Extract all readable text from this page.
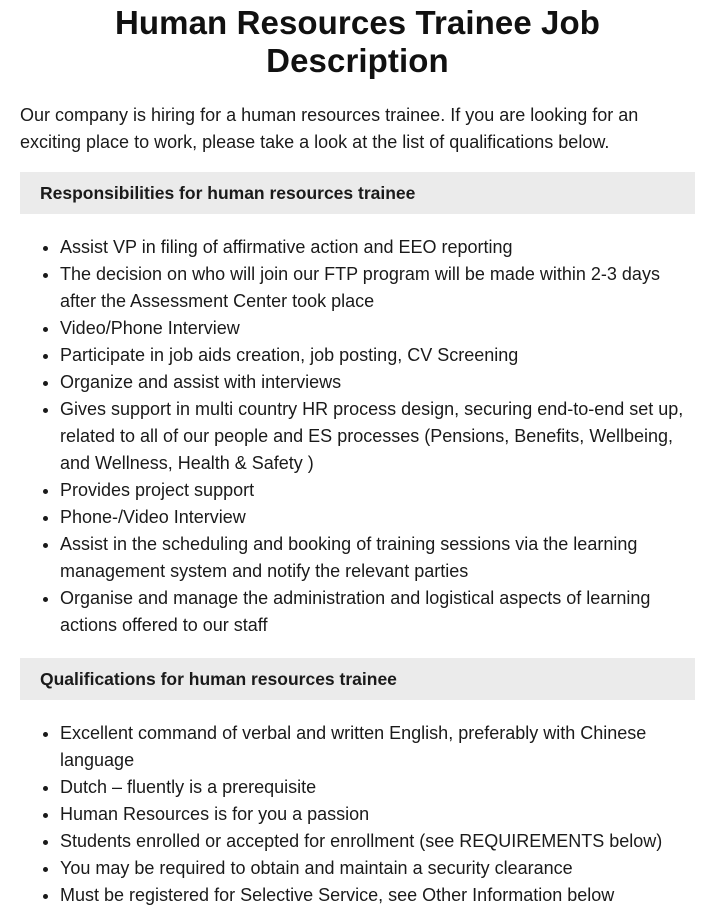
Human Resources Trainee Job Description

Our company is hiring for a human resources trainee. If you are looking for an exciting place to work, please take a look at the list of qualifications below.

Responsibilities for human resources trainee
• Assist VP in filing of affirmative action and EEO reporting
• The decision on who will join our FTP program will be made within 2-3 days after the Assessment Center took place
• Video/Phone Interview
• Participate in job aids creation, job posting, CV Screening
• Organize and assist with interviews
• Gives support in multi country HR process design, securing end-to-end set up, related to all of our people and ES processes (Pensions, Benefits, Wellbeing, and Wellness, Health & Safety )
• Provides project support
• Phone-/Video Interview
• Assist in the scheduling and booking of training sessions via the learning management system and notify the relevant parties
• Organise and manage the administration and logistical aspects of learning actions offered to our staff
Qualifications for human resources trainee
• Excellent command of verbal and written English, preferably with Chinese language
• Dutch – fluently is a prerequisite
• Human Resources is for you a passion
• Students enrolled or accepted for enrollment (see REQUIREMENTS below)
• You may be required to obtain and maintain a security clearance
• Must be registered for Selective Service, see Other Information below
